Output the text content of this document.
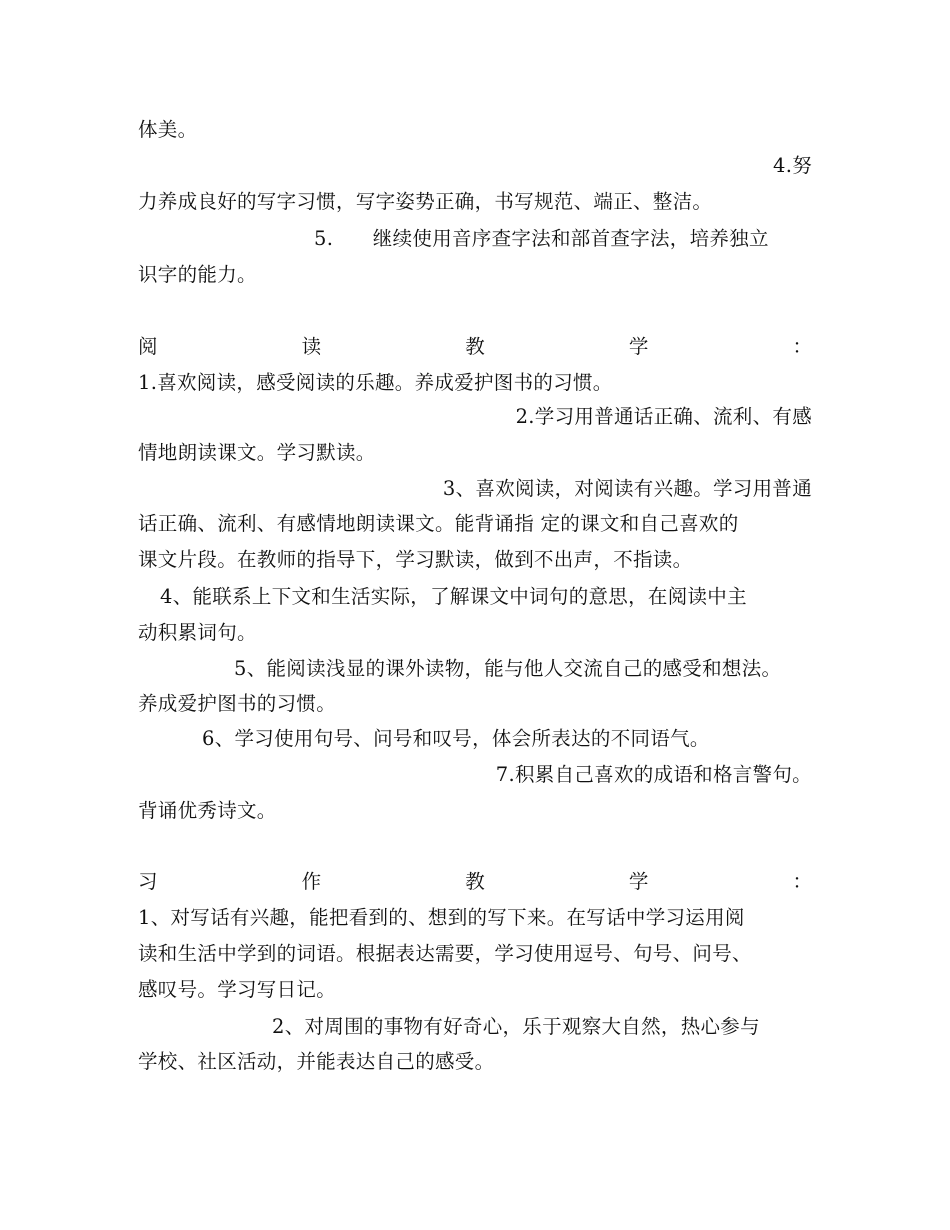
体美。
4.努
力养成良好的写字习惯，写字姿势正确，书写规范、端正、整洁。
5.　　继续使用音序查字法和部首查字法，培养独立
识字的能力。
阅	读	教	学	：
1.喜欢阅读，感受阅读的乐趣。养成爱护图书的习惯。
2.学习用普通话正确、流利、有感
情地朗读课文。学习默读。
3、喜欢阅读，对阅读有兴趣。学习用普通
话正确、流利、有感情地朗读课文。能背诵指 定的课文和自己喜欢的
课文片段。在教师的指导下，学习默读，做到不出声，不指读。
4、能联系上下文和生活实际，了解课文中词句的意思，在阅读中主
动积累词句。
5、能阅读浅显的课外读物，能与他人交流自己的感受和想法。
养成爱护图书的习惯。
6、学习使用句号、问号和叹号，体会所表达的不同语气。
7.积累自己喜欢的成语和格言警句。
背诵优秀诗文。
习	作	教	学	：
1、对写话有兴趣，能把看到的、想到的写下来。在写话中学习运用阅
读和生活中学到的词语。根据表达需要，学习使用逗号、句号、问号、
感叹号。学习写日记。
2、对周围的事物有好奇心，乐于观察大自然，热心参与
学校、社区活动，并能表达自己的感受。
